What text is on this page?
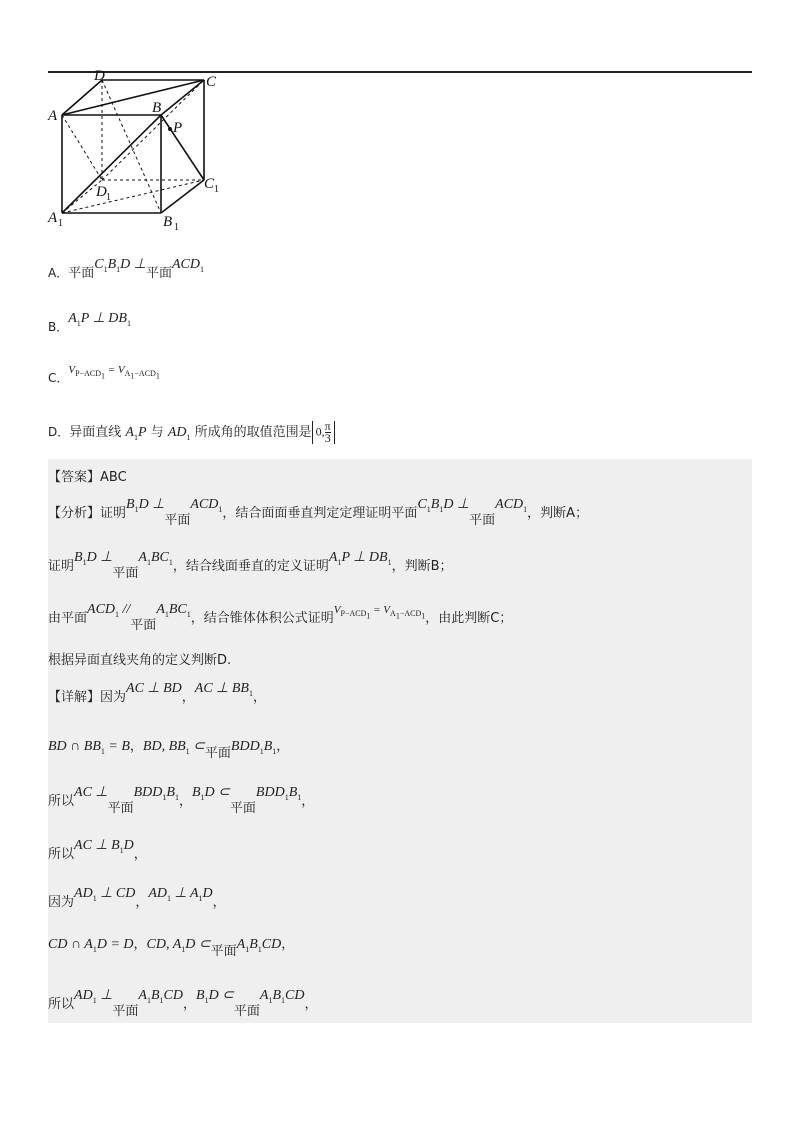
D	C
A	B
P
D 1
C 1
A 1	B 1
A．平面$C_1B_1D$ ⊥平面$ACD_1$
B．$A_1P$ ⊥ $DB_1$
C．$^{V_{P-ACD_1} = V_{A_1-ACD_1}}$
D．异面直线 $A_1P$ 与 $AD_1$ 所成角的取值范围是 0, $\frac{\pi}{3}$
【答案】ABC
【分析】证明$B_1D$ ⊥平面$ACD_1$，结合面面垂直判定定理证明平面$C_1B_1D$ ⊥平面$ACD_1$，判断A；
证明$B_1D$ ⊥平面$A_1BC_1$，结合线面垂直的定义证明$A_1P$ ⊥ $DB_1$，判断B；
由平面$ACD_1$ //平面$A_1BC_1$，结合锥体体积公式证明$^{V_{P-ACD_1} = V_{A_1-ACD_1}}$，由此判断C；
根据异面直线夹角的定义判断D.
【详解】因为AC ⊥ BD，AC ⊥ $BB_1$，
BD ∩ $BB_1 = B$，BD, $BB_1$ ⊂平面$BDD_1B_1$，
所以AC ⊥平面$BDD_1B_1$，$B_1D$ ⊂平面$BDD_1B_1$，
所以AC ⊥ $B_1D$，
因为$AD_1$ ⊥ CD，$AD_1$ ⊥ $A_1D$，
CD ∩ $A_1D = D$，CD, $A_1D$ ⊂平面$A_1B_1CD$，
所以$AD_1$ ⊥平面$A_1B_1CD$，$B_1D$ ⊂平面$A_1B_1CD$，
